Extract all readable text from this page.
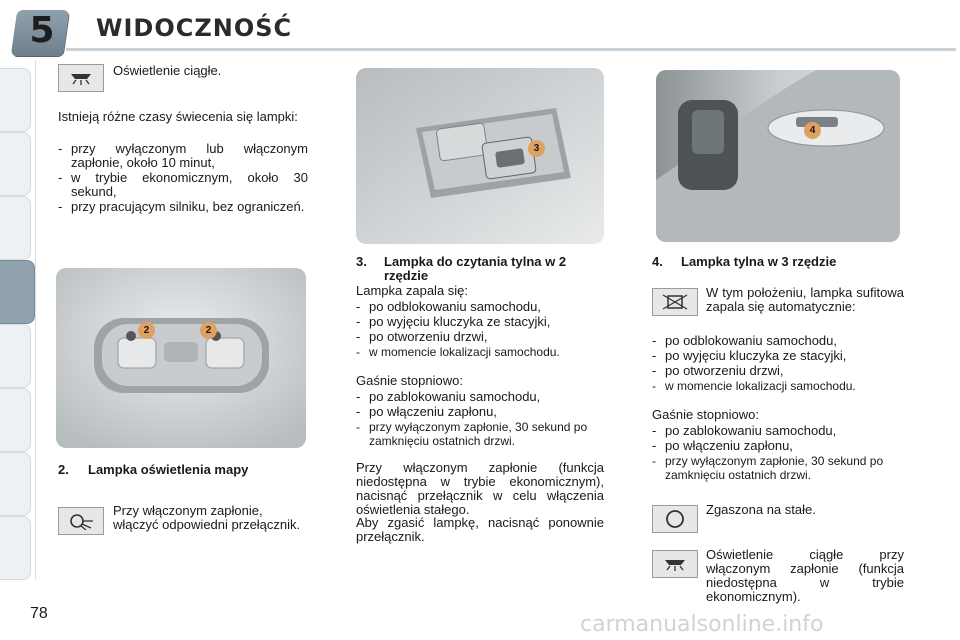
5	WIDOCZNOŚĆ
Oświetlenie ciągłe.
Istnieją różne czasy świecenia się lampki:
- przy wyłączonym lub włączonym zapłonie, około 10 minut,
- w trybie ekonomicznym, około 30 sekund,
- przy pracującym silniku, bez ograniczeń.
2	2
2. Lampka oświetlenia mapy
Przy włączonym zapłonie, włączyć odpowiedni przełącznik.
3
3. Lampka do czytania tylna w 2 rzędzie
Lampka zapala się:
- po odblokowaniu samochodu,
- po wyjęciu kluczyka ze stacyjki,
- po otworzeniu drzwi,
- w momencie lokalizacji samochodu.
Gaśnie stopniowo:
- po zablokowaniu samochodu,
- po włączeniu zapłonu,
- przy wyłączonym zapłonie, 30 sekund po zamknięciu ostatnich drzwi.
Przy włączonym zapłonie (funkcja niedostępna w trybie ekonomicznym), nacisnąć przełącznik w celu włączenia oświetlenia stałego.
Aby zgasić lampkę, nacisnąć ponownie przełącznik.
4
4. Lampka tylna w 3 rzędzie
W tym położeniu, lampka sufitowa zapala się automatycznie:
- po odblokowaniu samochodu,
- po wyjęciu kluczyka ze stacyjki,
- po otworzeniu drzwi,
- w momencie lokalizacji samochodu.
Gaśnie stopniowo:
- po zablokowaniu samochodu,
- po włączeniu zapłonu,
- przy wyłączonym zapłonie, 30 sekund po zamknięciu ostatnich drzwi.
Zgaszona na stałe.
Oświetlenie ciągłe przy włączonym zapłonie (funkcja niedostępna w trybie ekonomicznym).
78	carmanualsonline.info
